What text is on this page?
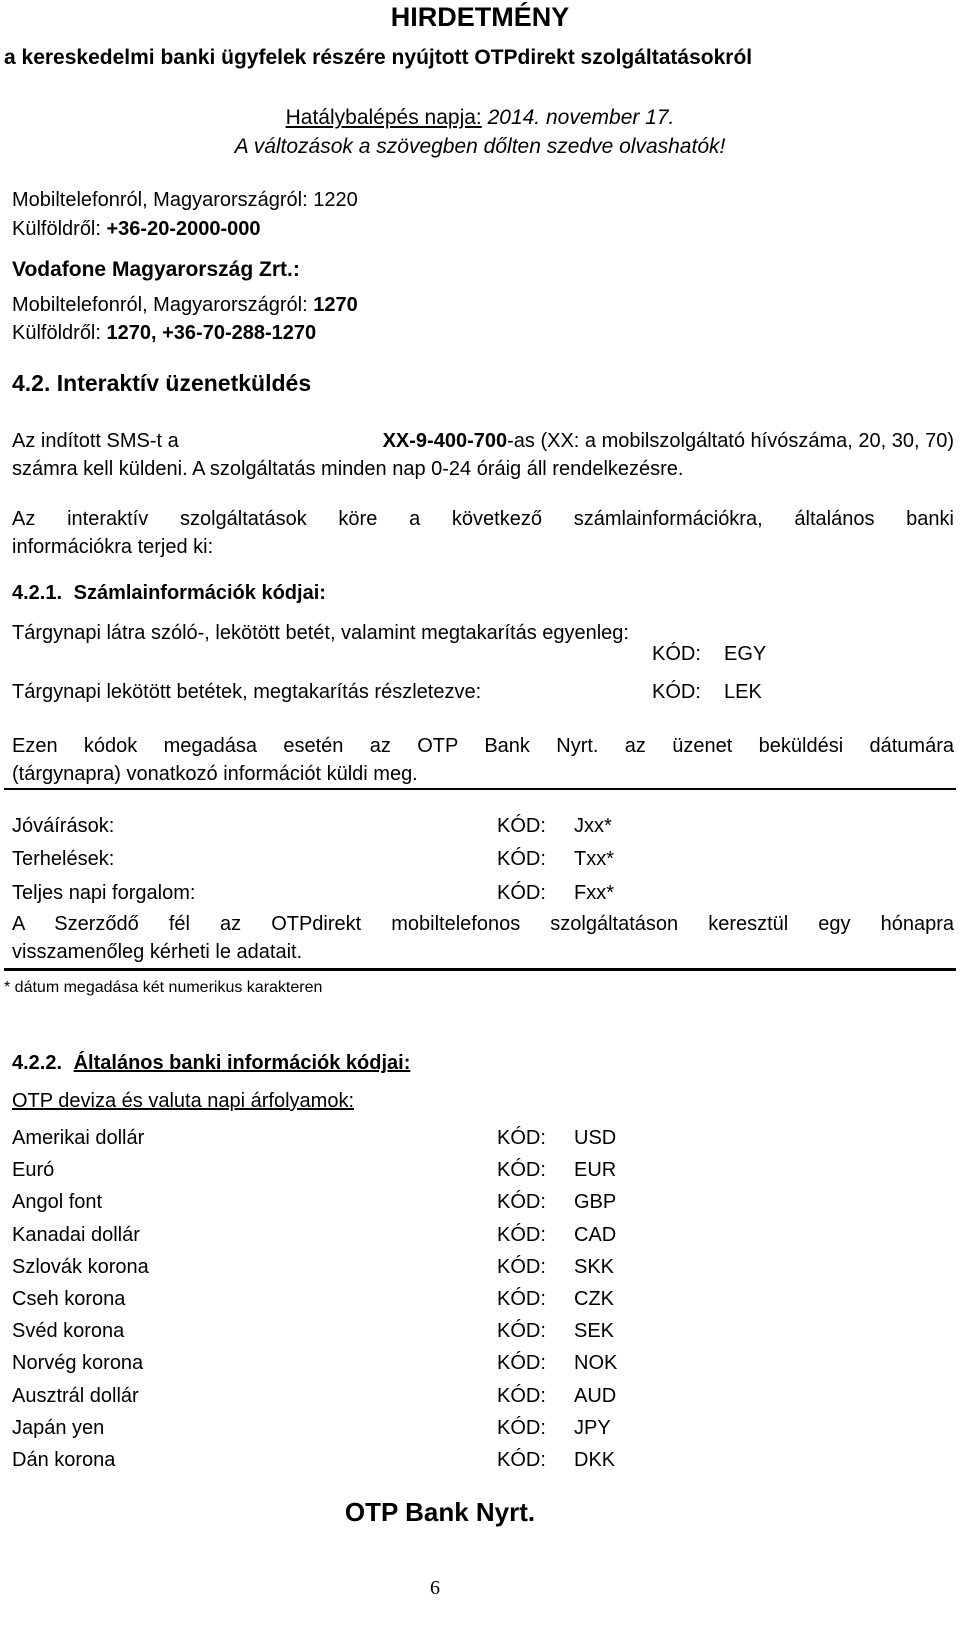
HIRDETMÉNY
a kereskedelmi banki ügyfelek részére nyújtott OTPdirekt szolgáltatásokról
Hatálybalépés napja: 2014. november 17.
A változások a szövegben dőlten szedve olvashatók!
Mobiltelefonról, Magyarországról: 1220
Külföldről: +36-20-2000-000
Vodafone Magyarország Zrt.:
Mobiltelefonról, Magyarországról: 1270
Külföldről: 1270, +36-70-288-1270
4.2. Interaktív üzenetküldés
Az indított SMS-t a	XX-9-400-700-as (XX: a mobilszolgáltató hívószáma, 20, 30, 70)
számra kell küldeni. A szolgáltatás minden nap 0-24 óráig áll rendelkezésre.
Az interaktív szolgáltatások köre a következő számlainformációkra, általános banki
információkra terjed ki:
4.2.1. Számlainformációk kódjai:
Tárgynapi látra szóló-, lekötött betét, valamint megtakarítás egyenleg:
KÓD: EGY
Tárgynapi lekötött betétek, megtakarítás részletezve:	KÓD: LEK
Ezen kódok megadása esetén az OTP Bank Nyrt. az üzenet beküldési dátumára
(tárgynapra) vonatkozó információt küldi meg.
Jóváírások:	KÓD: Jxx*
Terhelések:	KÓD: Txx*
Teljes napi forgalom:	KÓD: Fxx*
A Szerződő fél az OTPdirekt mobiltelefonos szolgáltatáson keresztül egy hónapra
visszamenőleg kérheti le adatait.
* dátum megadása két numerikus karakteren
4.2.2. Általános banki információk kódjai:
OTP deviza és valuta napi árfolyamok:
Amerikai dollár	KÓD: USD
Euró	KÓD: EUR
Angol font	KÓD: GBP
Kanadai dollár	KÓD: CAD
Szlovák korona	KÓD: SKK
Cseh korona	KÓD: CZK
Svéd korona	KÓD: SEK
Norvég korona	KÓD: NOK
Ausztrál dollár	KÓD: AUD
Japán yen	KÓD: JPY
Dán korona	KÓD: DKK
OTP Bank Nyrt.
6
